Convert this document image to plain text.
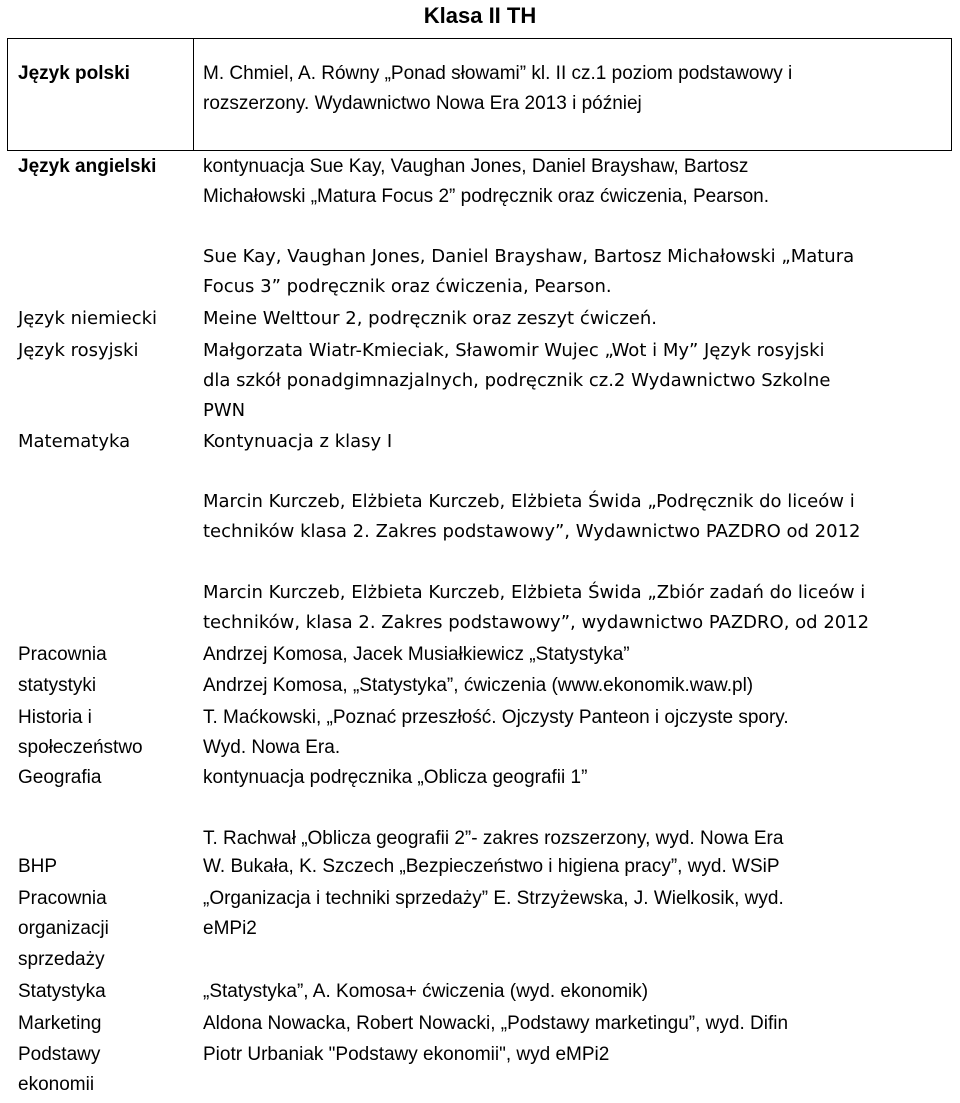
Klasa II TH
Język polski
Język angielski
Język niemiecki
Język rosyjski
Matematyka
Pracownia
statystyki
Historia i
społeczeństwo
Geografia
BHP
Pracownia
organizacji
sprzedaży
Statystyka
Marketing
Podstawy
ekonomii
M. Chmiel, A. Równy „Ponad słowami” kl. II cz.1 poziom podstawowy i
rozszerzony. Wydawnictwo Nowa Era 2013 i później
kontynuacja Sue Kay, Vaughan Jones, Daniel Brayshaw, Bartosz
Michałowski „Matura Focus 2” podręcznik oraz ćwiczenia, Pearson.
Sue Kay, Vaughan Jones, Daniel Brayshaw, Bartosz Michałowski „Matura
Focus 3” podręcznik oraz ćwiczenia, Pearson.
Meine Welttour 2, podręcznik oraz zeszyt ćwiczeń.
Małgorzata Wiatr-Kmieciak, Sławomir Wujec „Wot i My” Język rosyjski
dla szkół ponadgimnazjalnych, podręcznik cz.2 Wydawnictwo Szkolne
PWN
Kontynuacja z klasy I
Marcin Kurczeb, Elżbieta Kurczeb, Elżbieta Świda „Podręcznik do liceów i
techników klasa 2. Zakres podstawowy”, Wydawnictwo PAZDRO od 2012
Marcin Kurczeb, Elżbieta Kurczeb, Elżbieta Świda „Zbiór zadań do liceów i
techników, klasa 2. Zakres podstawowy”, wydawnictwo PAZDRO, od 2012
Andrzej Komosa, Jacek Musiałkiewicz „Statystyka”
Andrzej Komosa, „Statystyka”, ćwiczenia (www.ekonomik.waw.pl)
T. Maćkowski, „Poznać przeszłość. Ojczysty Panteon i ojczyste spory.
Wyd. Nowa Era.
kontynuacja podręcznika „Oblicza geografii 1”
T. Rachwał „Oblicza geografii 2”- zakres rozszerzony, wyd. Nowa Era
W. Bukała, K. Szczech „Bezpieczeństwo i higiena pracy”, wyd. WSiP
„Organizacja i techniki sprzedaży” E. Strzyżewska, J. Wielkosik, wyd.
eMPi2
„Statystyka”, A. Komosa+ ćwiczenia (wyd. ekonomik)
Aldona Nowacka, Robert Nowacki, „Podstawy marketingu”, wyd. Difin
Piotr Urbaniak "Podstawy ekonomii", wyd eMPi2
